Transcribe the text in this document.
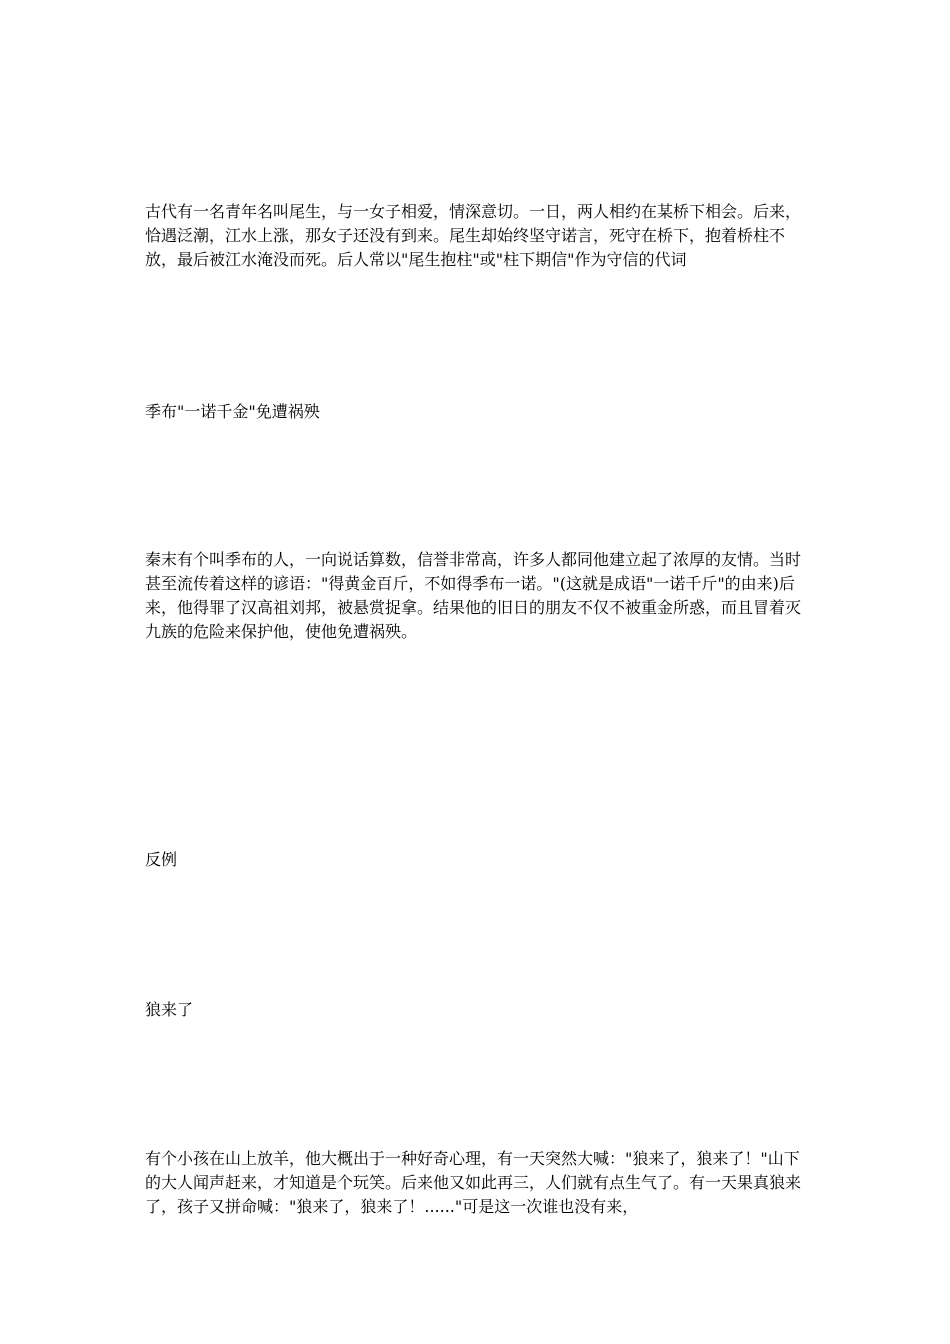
古代有一名青年名叫尾生，与一女子相爱，情深意切。一日，两人相约在某桥下相会。后来，恰遇泛潮，江水上涨，那女子还没有到来。尾生却始终坚守诺言，死守在桥下，抱着桥柱不放，最后被江水淹没而死。后人常以"尾生抱柱"或"柱下期信"作为守信的代词

季布"一诺千金"免遭祸殃

秦末有个叫季布的人，一向说话算数，信誉非常高，许多人都同他建立起了浓厚的友情。当时甚至流传着这样的谚语："得黄金百斤，不如得季布一诺。"(这就是成语"一诺千斤"的由来)后来，他得罪了汉高祖刘邦，被悬赏捉拿。结果他的旧日的朋友不仅不被重金所惑，而且冒着灭九族的危险来保护他，使他免遭祸殃。

反例

狼来了

有个小孩在山上放羊，他大概出于一种好奇心理，有一天突然大喊："狼来了，狼来了！"山下的大人闻声赶来，才知道是个玩笑。后来他又如此再三，人们就有点生气了。有一天果真狼来了，孩子又拼命喊："狼来了，狼来了！......"可是这一次谁也没有来，
